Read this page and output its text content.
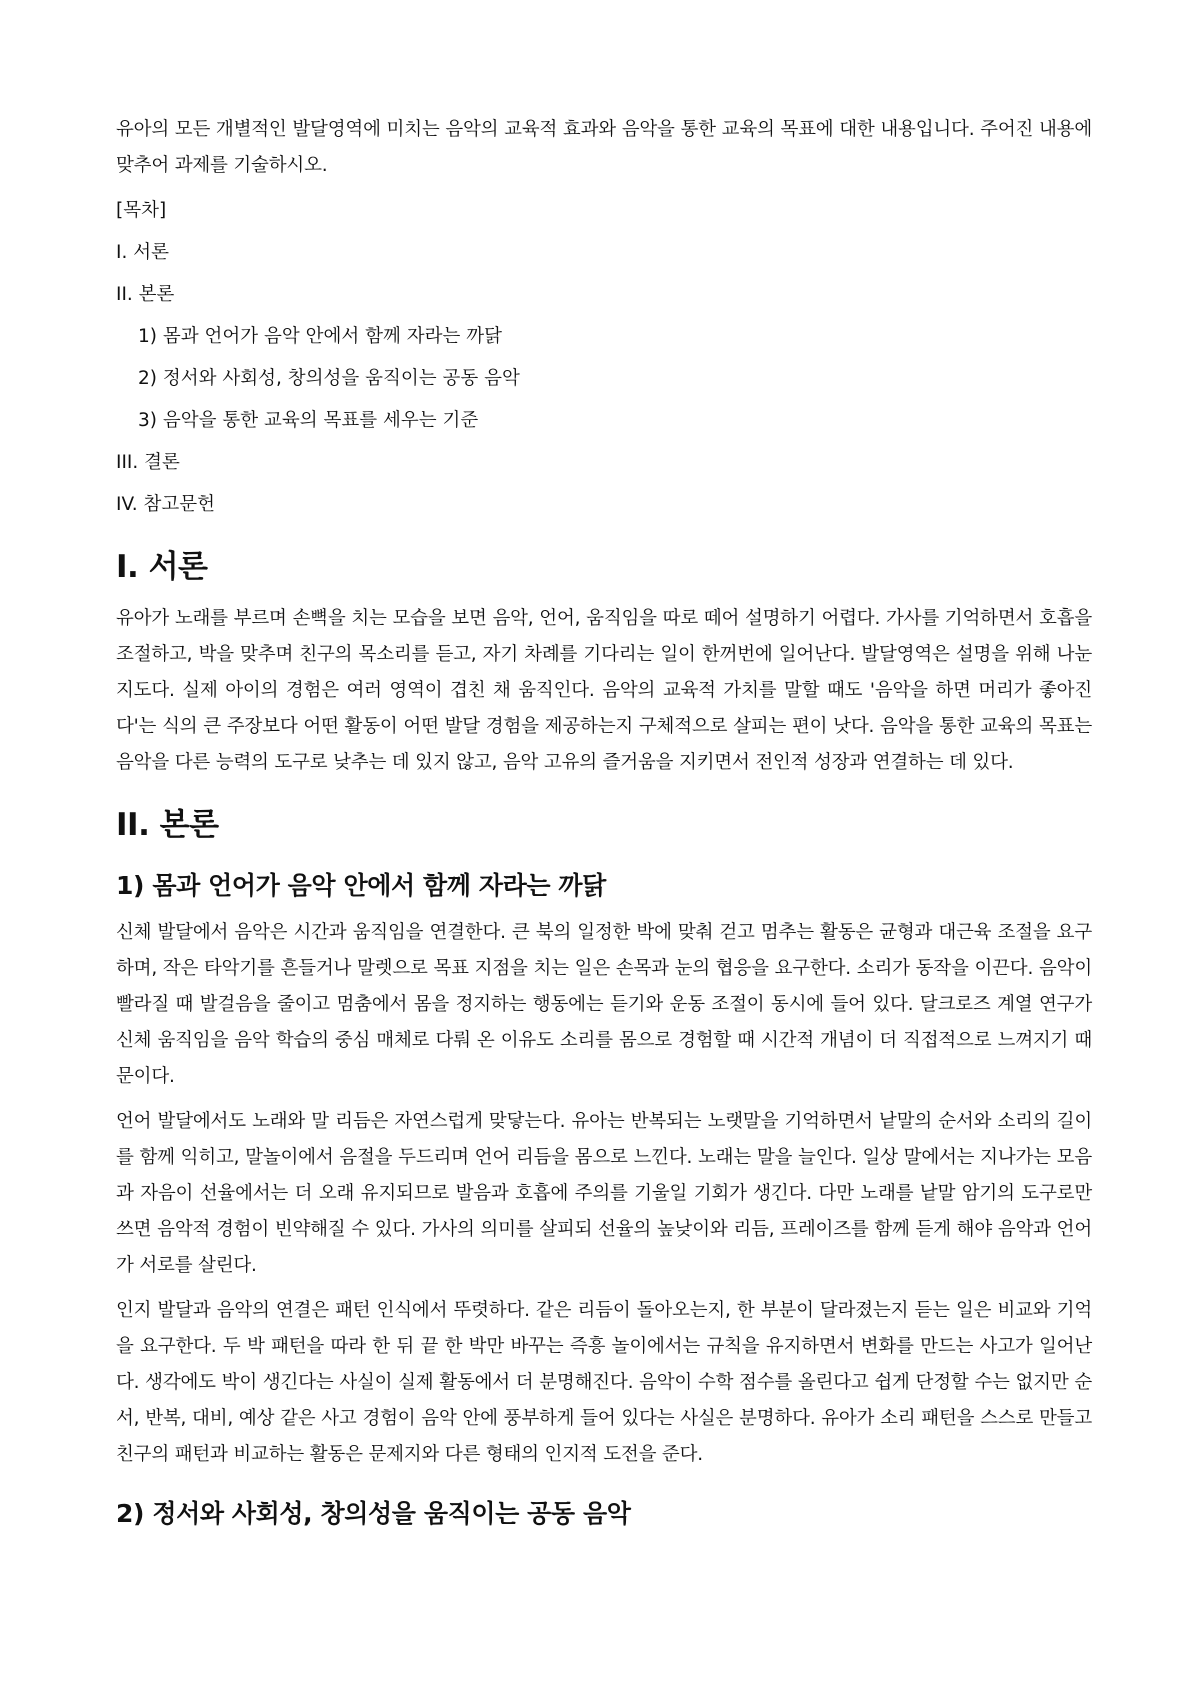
유아의 모든 개별적인 발달영역에 미치는 음악의 교육적 효과와 음악을 통한 교육의 목표에 대한 내용입니다. 주어진 내용에 맞추어 과제를 기술하시오.

[목차]
I. 서론
II. 본론
1) 몸과 언어가 음악 안에서 함께 자라는 까닭
2) 정서와 사회성, 창의성을 움직이는 공동 음악
3) 음악을 통한 교육의 목표를 세우는 기준
III. 결론
IV. 참고문헌
I. 서론

유아가 노래를 부르며 손뼉을 치는 모습을 보면 음악, 언어, 움직임을 따로 떼어 설명하기 어렵다. 가사를 기억하면서 호흡을 조절하고, 박을 맞추며 친구의 목소리를 듣고, 자기 차례를 기다리는 일이 한꺼번에 일어난다. 발달영역은 설명을 위해 나눈 지도다. 실제 아이의 경험은 여러 영역이 겹친 채 움직인다. 음악의 교육적 가치를 말할 때도 '음악을 하면 머리가 좋아진다'는 식의 큰 주장보다 어떤 활동이 어떤 발달 경험을 제공하는지 구체적으로 살피는 편이 낫다. 음악을 통한 교육의 목표는 음악을 다른 능력의 도구로 낮추는 데 있지 않고, 음악 고유의 즐거움을 지키면서 전인적 성장과 연결하는 데 있다.

II. 본론
1) 몸과 언어가 음악 안에서 함께 자라는 까닭

신체 발달에서 음악은 시간과 움직임을 연결한다. 큰 북의 일정한 박에 맞춰 걷고 멈추는 활동은 균형과 대근육 조절을 요구하며, 작은 타악기를 흔들거나 말렛으로 목표 지점을 치는 일은 손목과 눈의 협응을 요구한다. 소리가 동작을 이끈다. 음악이 빨라질 때 발걸음을 줄이고 멈춤에서 몸을 정지하는 행동에는 듣기와 운동 조절이 동시에 들어 있다. 달크로즈 계열 연구가 신체 움직임을 음악 학습의 중심 매체로 다뤄 온 이유도 소리를 몸으로 경험할 때 시간적 개념이 더 직접적으로 느껴지기 때문이다.

언어 발달에서도 노래와 말 리듬은 자연스럽게 맞닿는다. 유아는 반복되는 노랫말을 기억하면서 낱말의 순서와 소리의 길이를 함께 익히고, 말놀이에서 음절을 두드리며 언어 리듬을 몸으로 느낀다. 노래는 말을 늘인다. 일상 말에서는 지나가는 모음과 자음이 선율에서는 더 오래 유지되므로 발음과 호흡에 주의를 기울일 기회가 생긴다. 다만 노래를 낱말 암기의 도구로만 쓰면 음악적 경험이 빈약해질 수 있다. 가사의 의미를 살피되 선율의 높낮이와 리듬, 프레이즈를 함께 듣게 해야 음악과 언어가 서로를 살린다.

인지 발달과 음악의 연결은 패턴 인식에서 뚜렷하다. 같은 리듬이 돌아오는지, 한 부분이 달라졌는지 듣는 일은 비교와 기억을 요구한다. 두 박 패턴을 따라 한 뒤 끝 한 박만 바꾸는 즉흥 놀이에서는 규칙을 유지하면서 변화를 만드는 사고가 일어난다. 생각에도 박이 생긴다는 사실이 실제 활동에서 더 분명해진다. 음악이 수학 점수를 올린다고 쉽게 단정할 수는 없지만 순서, 반복, 대비, 예상 같은 사고 경험이 음악 안에 풍부하게 들어 있다는 사실은 분명하다. 유아가 소리 패턴을 스스로 만들고 친구의 패턴과 비교하는 활동은 문제지와 다른 형태의 인지적 도전을 준다.

2) 정서와 사회성, 창의성을 움직이는 공동 음악
